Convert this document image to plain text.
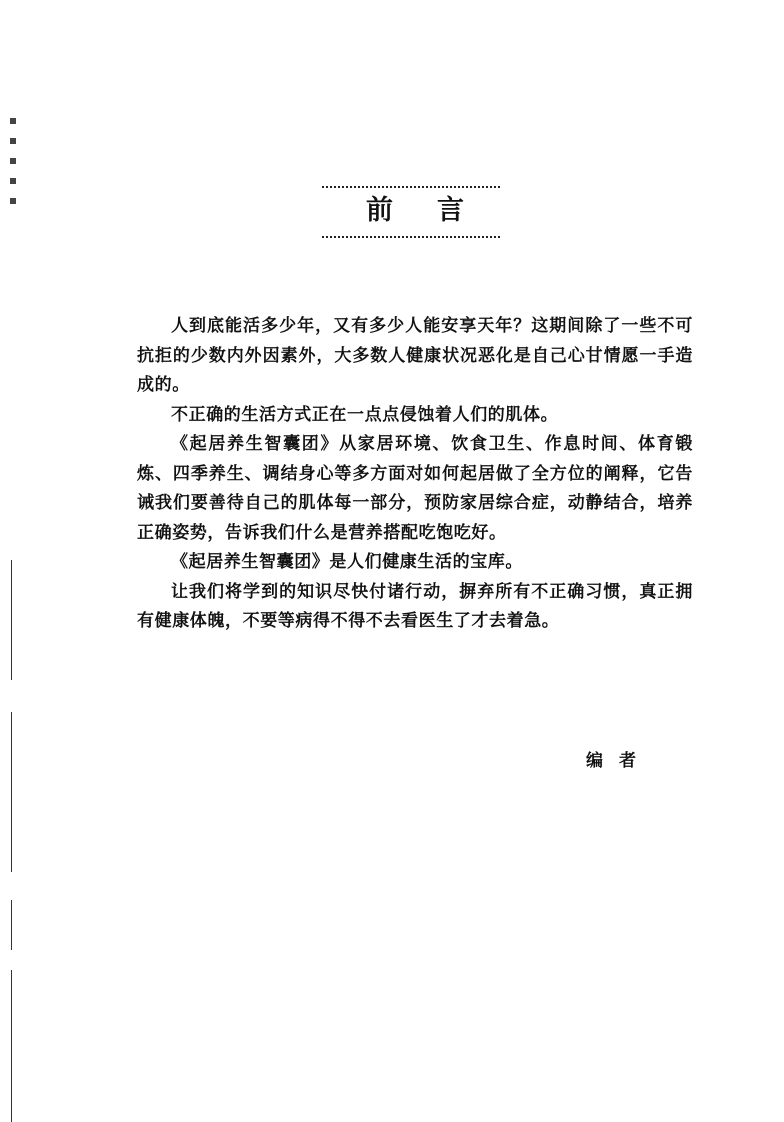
前言

人到底能活多少年，又有多少人能安享天年？这期间除了一些不可抗拒的少数内外因素外，大多数人健康状况恶化是自己心甘情愿一手造成的。

不正确的生活方式正在一点点侵蚀着人们的肌体。

《起居养生智囊团》从家居环境、饮食卫生、作息时间、体育锻炼、四季养生、调结身心等多方面对如何起居做了全方位的阐释，它告诫我们要善待自己的肌体每一部分，预防家居综合症，动静结合，培养正确姿势，告诉我们什么是营养搭配吃饱吃好。

《起居养生智囊团》是人们健康生活的宝库。

让我们将学到的知识尽快付诸行动，摒弃所有不正确习惯，真正拥有健康体魄，不要等病得不得不去看医生了才去着急。

编者
